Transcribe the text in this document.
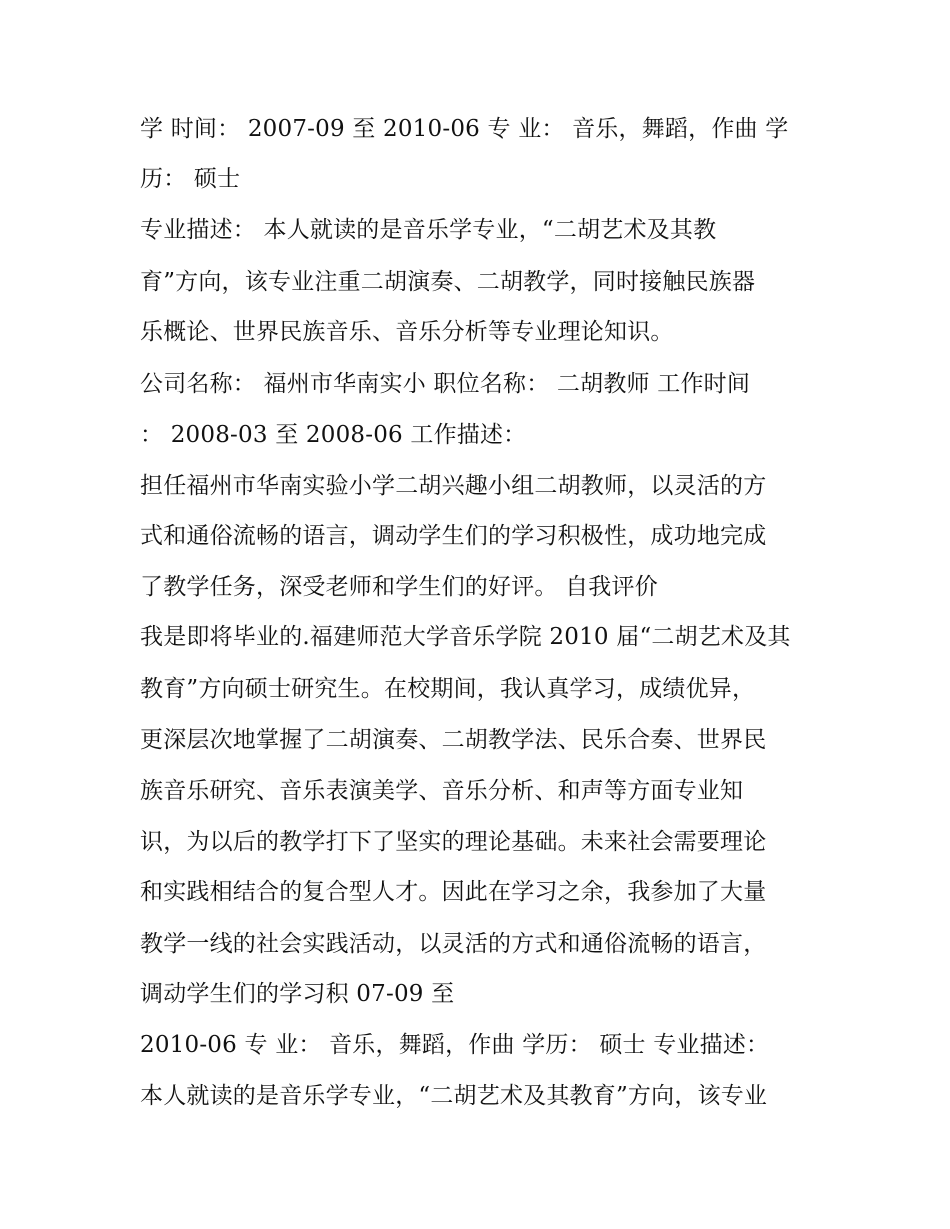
学 时间： 2007-09 至 2010-06 专 业： 音乐，舞蹈，作曲 学
历： 硕士
专业描述： 本人就读的是音乐学专业，“二胡艺术及其教
育”方向，该专业注重二胡演奏、二胡教学，同时接触民族器
乐概论、世界民族音乐、音乐分析等专业理论知识。
公司名称： 福州市华南实小 职位名称： 二胡教师 工作时间
： 2008-03 至 2008-06 工作描述：
担任福州市华南实验小学二胡兴趣小组二胡教师，以灵活的方
式和通俗流畅的语言，调动学生们的学习积极性，成功地完成
了教学任务，深受老师和学生们的好评。 自我评价
我是即将毕业的.福建师范大学音乐学院 2010 届“二胡艺术及其
教育”方向硕士研究生。在校期间，我认真学习，成绩优异，
更深层次地掌握了二胡演奏、二胡教学法、民乐合奏、世界民
族音乐研究、音乐表演美学、音乐分析、和声等方面专业知
识，为以后的教学打下了坚实的理论基础。未来社会需要理论
和实践相结合的复合型人才。因此在学习之余，我参加了大量
教学一线的社会实践活动，以灵活的方式和通俗流畅的语言，
调动学生们的学习积 07-09 至
2010-06 专 业： 音乐，舞蹈，作曲 学历： 硕士 专业描述：
本人就读的是音乐学专业，“二胡艺术及其教育”方向，该专业
